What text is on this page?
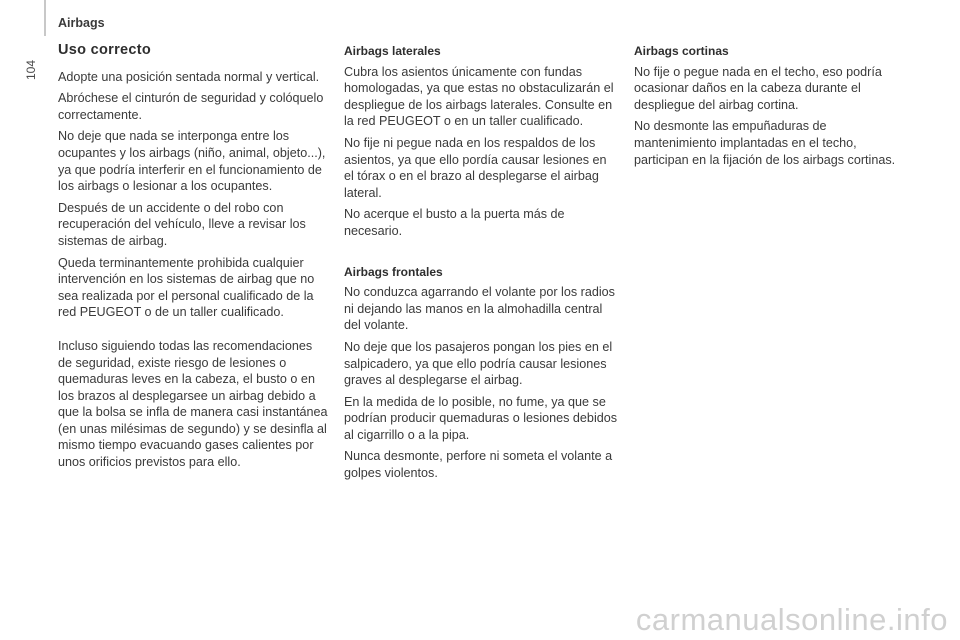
Airbags
104
Uso correcto

Adopte una posición sentada normal y vertical.

Abróchese el cinturón de seguridad y colóquelo correctamente.

No deje que nada se interponga entre los ocupantes y los airbags (niño, animal, objeto...), ya que podría interferir en el funcionamiento de los airbags o lesionar a los ocupantes.

Después de un accidente o del robo con recuperación del vehículo, lleve a revisar los sistemas de airbag.

Queda terminantemente prohibida cualquier intervención en los sistemas de airbag que no sea realizada por el personal cualificado de la red PEUGEOT o de un taller cualificado.

Incluso siguiendo todas las recomendaciones de seguridad, existe riesgo de lesiones o quemaduras leves en la cabeza, el busto o en los brazos al desplegarsee un airbag debido a que la bolsa se infla de manera casi instantánea (en unas milésimas de segundo) y se desinfla al mismo tiempo evacuando gases calientes por unos orificios previstos para ello.

Airbags laterales

Cubra los asientos únicamente con fundas homologadas, ya que estas no obstaculizarán el despliegue de los airbags laterales. Consulte en la red PEUGEOT o en un taller cualificado.

No fije ni pegue nada en los respaldos de los asientos, ya que ello pordía causar lesiones en el tórax o en el brazo al desplegarse el airbag lateral.

No acerque el busto a la puerta más de necesario.

Airbags frontales

No conduzca agarrando el volante por los radios ni dejando las manos en la almohadilla central del volante.

No deje que los pasajeros pongan los pies en el salpicadero, ya que ello podría causar lesiones graves al desplegarse el airbag.

En la medida de lo posible, no fume, ya que se podrían producir quemaduras o lesiones debidos al cigarrillo o a la pipa.

Nunca desmonte, perfore ni someta el volante a golpes violentos.

Airbags cortinas

No fije o pegue nada en el techo, eso podría ocasionar daños en la cabeza durante el despliegue del airbag cortina.

No desmonte las empuñaduras de mantenimiento implantadas en el techo, participan en la fijación de los airbags cortinas.

carmanualsonline.info
